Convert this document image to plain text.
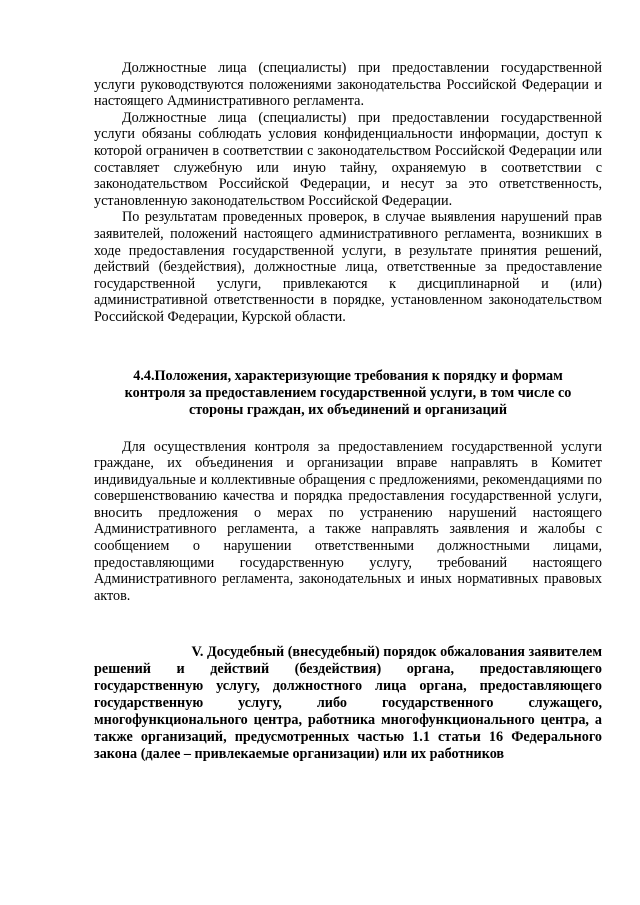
Должностные лица (специалисты) при предоставлении государственной услуги руководствуются положениями законодательства Российской Федерации и настоящего Административного регламента.

Должностные лица (специалисты) при предоставлении государственной услуги обязаны соблюдать условия конфиденциальности информации, доступ к которой ограничен в соответствии с законодательством Российской Федерации или составляет служебную или иную тайну, охраняемую в соответствии с законодательством Российской Федерации, и несут за это ответственность, установленную законодательством Российской Федерации.

По результатам проведенных проверок, в случае выявления нарушений прав заявителей, положений настоящего административного регламента, возникших в ходе предоставления государственной услуги, в результате принятия решений, действий (бездействия), должностные лица, ответственные за предоставление государственной услуги, привлекаются к дисциплинарной и (или) административной ответственности в порядке, установленном законодательством Российской Федерации, Курской области.

4.4.Положения, характеризующие требования к порядку и формам контроля за предоставлением государственной услуги, в том числе со стороны граждан, их объединений и организаций

Для осуществления контроля за предоставлением государственной услуги граждане, их объединения и организации вправе направлять в Комитет индивидуальные и коллективные обращения с предложениями, рекомендациями по совершенствованию качества и порядка предоставления государственной услуги, вносить предложения о мерах по устранению нарушений настоящего Административного регламента, а также направлять заявления и жалобы с сообщением о нарушении ответственными должностными лицами, предоставляющими государственную услугу, требований настоящего Административного регламента, законодательных и иных нормативных правовых актов.

V. Досудебный (внесудебный) порядок обжалования заявителем
решений и действий (бездействия) органа, предоставляющего государственную услугу, должностного лица органа, предоставляющего государственную услугу, либо государственного служащего, многофункционального центра, работника многофункционального центра, а также организаций, предусмотренных частью 1.1 статьи 16 Федерального закона (далее – привлекаемые организации) или их работников
